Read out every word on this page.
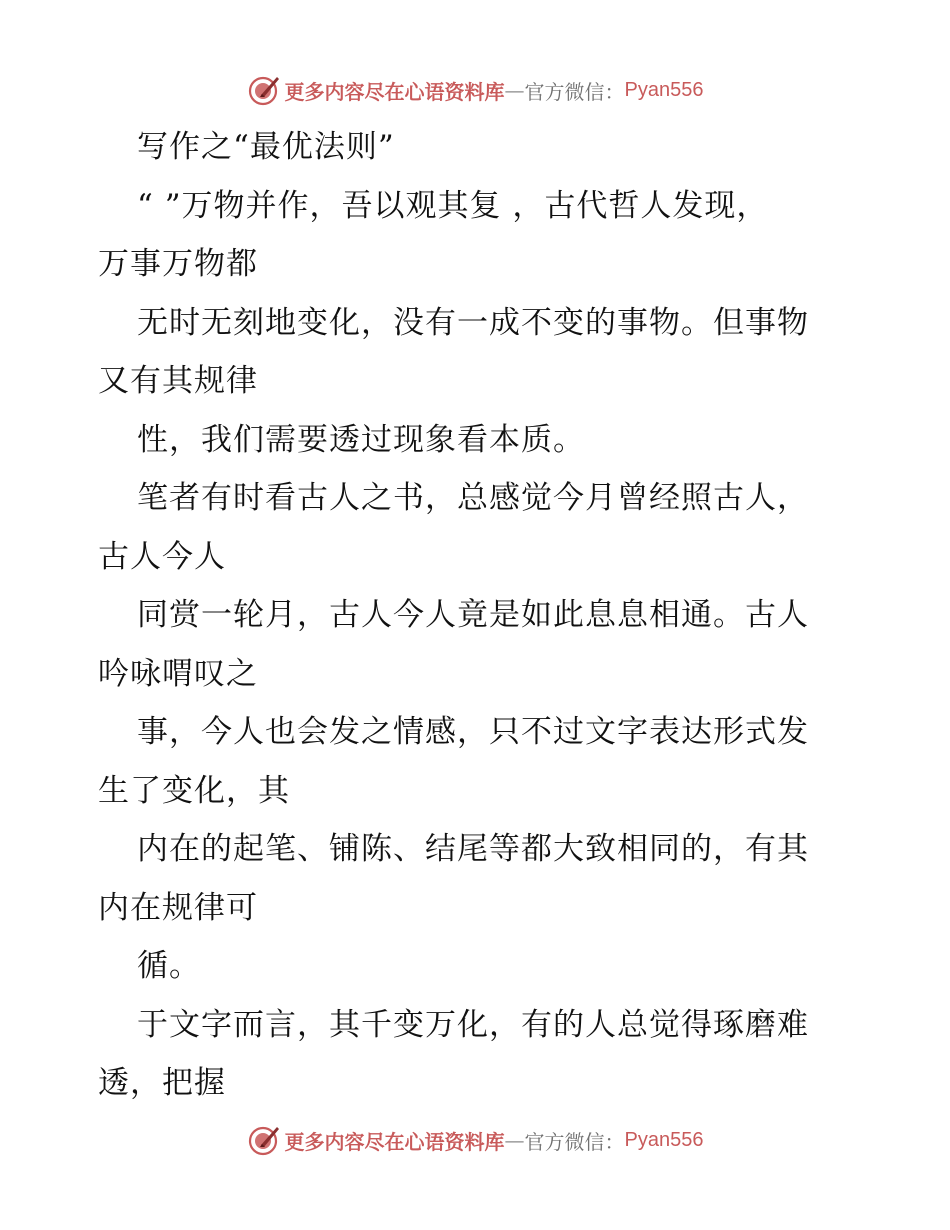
更多内容尽在心语资料库 — 官方微信： Pyan556
写作之“最优法则”
“ ”万物并作，吾以观其复 ，古代哲人发现，
万事万物都
无时无刻地变化，没有一成不变的事物。但事物
又有其规律
性，我们需要透过现象看本质。
笔者有时看古人之书，总感觉今月曾经照古人，
古人今人
同赏一轮月，古人今人竟是如此息息相通。古人
吟咏喟叹之
事，今人也会发之情感，只不过文字表达形式发
生了变化，其
内在的起笔、铺陈、结尾等都大致相同的，有其
内在规律可
循。
于文字而言，其千变万化，有的人总觉得琢磨难
透，把握
更多内容尽在心语资料库 — 官方微信： Pyan556
